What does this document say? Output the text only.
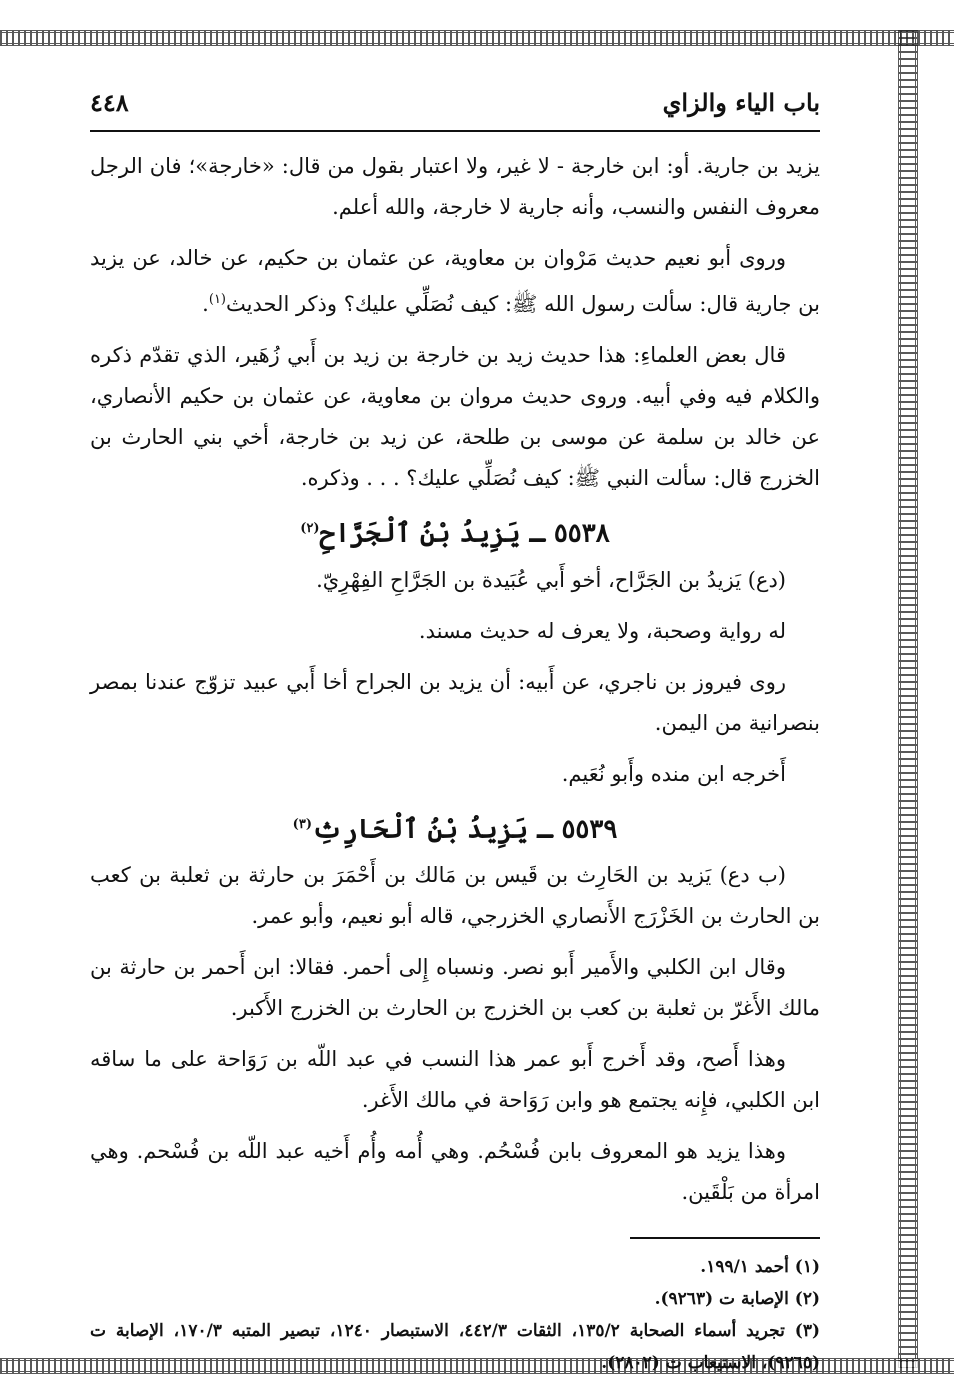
باب الياء والزاي
٤٤٨

يزيد بن جارية. أو: ابن خارجة - لا غير، ولا اعتبار بقول من قال: «خارجة»؛ فان الرجل معروف النفس والنسب، وأنه جارية لا خارجة، والله أعلم.

وروى أبو نعيم حديث مَرْوان بن معاوية، عن عثمان بن حكيم، عن خالد، عن يزيد بن جارية قال: سألت رسول الله ﷺ: كيف نُصَلِّي عليك؟ وذكر الحديث$^{(١)}$.

قال بعض العلماءِ: هذا حديث زيد بن خارجة بن زيد بن أَبي زُهَير، الذي تقدّم ذكره والكلام فيه وفي أبيه. وروى حديث مروان بن معاوية، عن عثمان بن حكيم الأنصاري، عن خالد بن سلمة عن موسى بن طلحة، عن زيد بن خارجة، أخي بني الحارث بن الخزرج قال: سألت النبي ﷺ: كيف نُصَلِّي عليك؟ . . . وذكره.

٥٥٣٨ ـ يَزِيدُ بْنُ ٱلْجَرَّاحِ$^{(٢)}$

(دع) يَزيدُ بن الجَرَّاح، أخو أَبي عُبَيدة بن الجَرَّاحِ الفِهْرِيّ.

له رواية وصحبة، ولا يعرف له حديث مسند.

روى فيروز بن ناجري، عن أَبيه: أن يزيد بن الجراح أخا أَبي عبيد تزوّج عندنا بمصر بنصرانية من اليمن.

أَخرجه ابن منده وأَبو نُعَيم.

٥٥٣٩ ـ يَزِيدُ بْنُ ٱلْحَارِثِ$^{(٣)}$

(ب دع) يَزيد بن الحَارِث بن قَيس بن مَالك بن أَحْمَرَ بن حارثة بن ثعلبة بن كعب بن الحارث بن الخَزْرَج الأَنصاري الخزرجي، قاله أبو نعيم، وأبو عمر.

وقال ابن الكلبي والأَمير أَبو نصر. ونسباه إِلى أحمر. فقالا: ابن أَحمر بن حارثة بن مالك الأَغرّ بن ثعلبة بن كعب بن الخزرج بن الحارث بن الخزرج الأَكبر.

وهذا أَصح، وقد أَخرج أَبو عمر هذا النسب في عبد اللّه بن رَوَاحة على ما ساقه ابن الكلبي، فإِنه يجتمع هو وابن رَوَاحة في مالك الأَغر.

وهذا يزيد هو المعروف بابن فُسْحُم. وهي أُمه وأُم أَخيه عبد اللّه بن فُسْحم. وهي امرأة من بَلْقَين.

(١) أحمد ١٩٩/١.

(٢) الإصابة ت (٩٢٦٣).

(٣) تجريد أسماء الصحابة ١٣٥/٢، الثقات ٤٤٢/٣، الاستبصار ١٢٤٠، تبصير المتبه ١٧٠/٣، الإصابة ت (٩٢٦٥)، الاستيعاب ت (٢٨٠٢).
